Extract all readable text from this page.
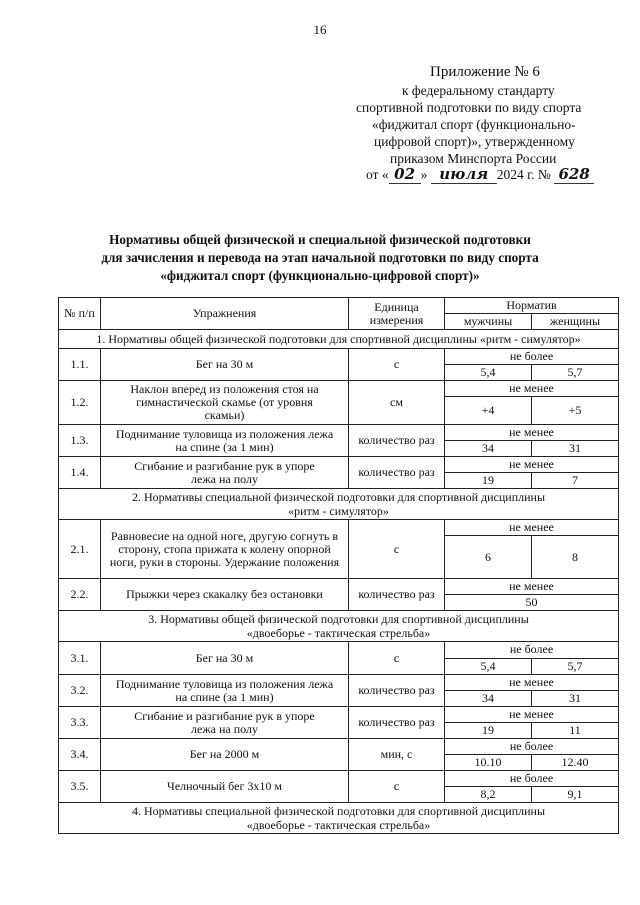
16
Приложение № 6
к федеральному стандарту
спортивной подготовки по виду спорта
«фиджитал спорт (функционально-
цифровой спорт)», утвержденному
приказом Минспорта России
от « 02 » июля 2024 г. № 628
Нормативы общей физической и специальной физической подготовки
для зачисления и перевода на этап начальной подготовки по виду спорта
«фиджитал спорт (функционально-цифровой спорт)»
№ п/п	Упражнения	Единица измерения	Норматив	
			мужчины	женщины
1. Нормативы общей физической подготовки для спортивной дисциплины «ритм - симулятор»				
1.1.	Бег на 30 м	с	не более	
			5,4	5,7
1.2.	Наклон вперед из положения стоя на гимнастической скамье (от уровня скамьи)	см	не менее	
			+4	+5
1.3.	Поднимание туловища из положения лежа на спине (за 1 мин)	количество раз	не менее	
			34	31
1.4.	Сгибание и разгибание рук в упоре лежа на полу	количество раз	не менее	
			19	7
2. Нормативы специальной физической подготовки для спортивной дисциплины «ритм - симулятор»				
2.1.	Равновесие на одной ноге, другую согнуть в сторону, стопа прижата к колену опорной ноги, руки в стороны. Удержание положения	с	не менее	
			6	8
2.2.	Прыжки через скакалку без остановки	количество раз	не менее	
			50	
3. Нормативы общей физической подготовки для спортивной дисциплины «двоеборье - тактическая стрельба»				
3.1.	Бег на 30 м	с	не более	
			5,4	5,7
3.2.	Поднимание туловища из положения лежа на спине (за 1 мин)	количество раз	не менее	
			34	31
3.3.	Сгибание и разгибание рук в упоре лежа на полу	количество раз	не менее	
			19	11
3.4.	Бег на 2000 м	мин, с	не более	
			10.10	12.40
3.5.	Челночный бег 3х10 м	с	не более	
			8,2	9,1
4. Нормативы специальной физической подготовки для спортивной дисциплины «двоеборье - тактическая стрельба»				
